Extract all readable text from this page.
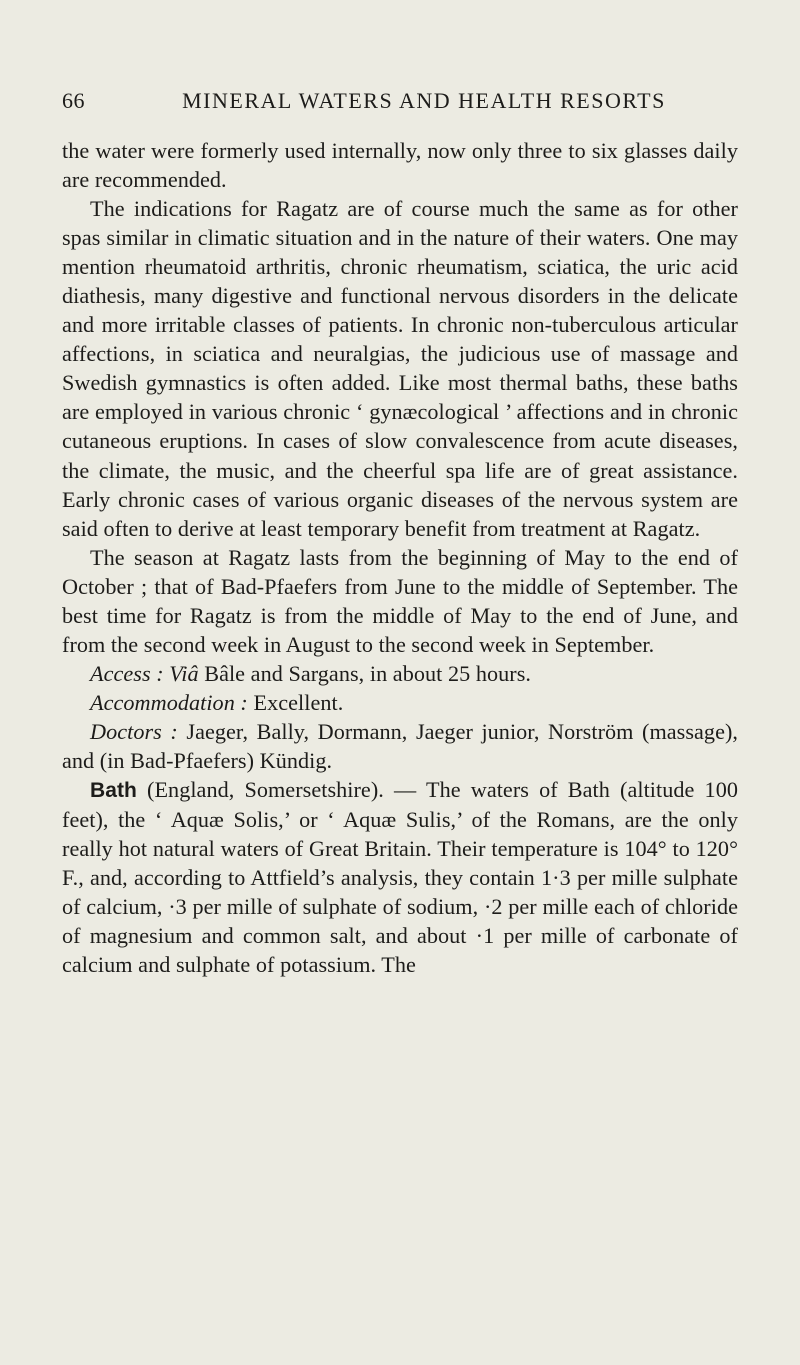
66	MINERAL WATERS AND HEALTH RESORTS

the water were formerly used internally, now only three to six glasses daily are recommended.

The indications for Ragatz are of course much the same as for other spas similar in climatic situation and in the nature of their waters. One may mention rheumatoid arthritis, chronic rheumatism, sciatica, the uric acid diathesis, many digestive and functional nervous disorders in the delicate and more irritable classes of patients. In chronic non-tuberculous articular affections, in sciatica and neuralgias, the judicious use of massage and Swedish gymnastics is often added. Like most thermal baths, these baths are employed in various chronic ‘ gynæcological ’ affections and in chronic cutaneous eruptions. In cases of slow convalescence from acute diseases, the climate, the music, and the cheerful spa life are of great assistance. Early chronic cases of various organic diseases of the nervous system are said often to derive at least temporary benefit from treatment at Ragatz.

The season at Ragatz lasts from the beginning of May to the end of October ; that of Bad-Pfaefers from June to the middle of September. The best time for Ragatz is from the middle of May to the end of June, and from the second week in August to the second week in September.

Access : Viâ Bâle and Sargans, in about 25 hours.

Accommodation : Excellent.

Doctors : Jaeger, Bally, Dormann, Jaeger junior, Norström (massage), and (in Bad-Pfaefers) Kündig.

Bath (England, Somersetshire). — The waters of Bath (altitude 100 feet), the ‘ Aquæ Solis,’ or ‘ Aquæ Sulis,’ of the Romans, are the only really hot natural waters of Great Britain. Their temperature is 104° to 120° F., and, according to Attfield’s analysis, they contain 1·3 per mille sulphate of calcium, ·3 per mille of sulphate of sodium, ·2 per mille each of chloride of magnesium and common salt, and about ·1 per mille of carbonate of calcium and sulphate of potassium. The
